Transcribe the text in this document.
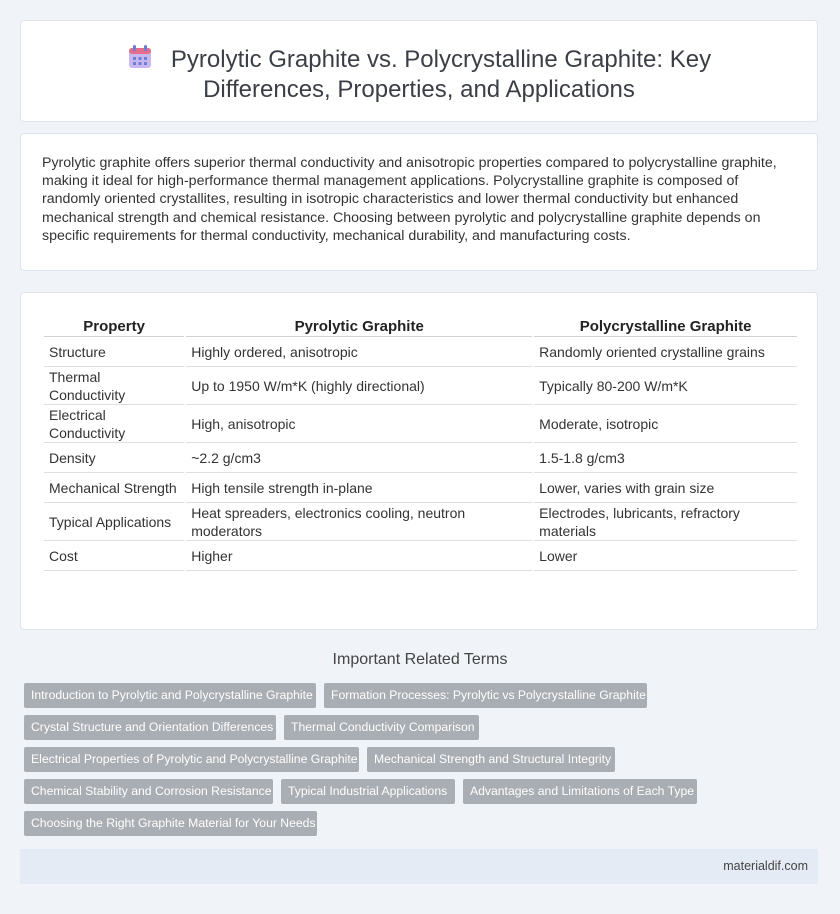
Pyrolytic Graphite vs. Polycrystalline Graphite: Key Differences, Properties, and Applications
Pyrolytic graphite offers superior thermal conductivity and anisotropic properties compared to polycrystalline graphite, making it ideal for high-performance thermal management applications. Polycrystalline graphite is composed of randomly oriented crystallites, resulting in isotropic characteristics and lower thermal conductivity but enhanced mechanical strength and chemical resistance. Choosing between pyrolytic and polycrystalline graphite depends on specific requirements for thermal conductivity, mechanical durability, and manufacturing costs.
Property	Pyrolytic Graphite	Polycrystalline Graphite
Structure	Highly ordered, anisotropic	Randomly oriented crystalline grains
Thermal Conductivity	Up to 1950 W/m*K (highly directional)	Typically 80-200 W/m*K
Electrical Conductivity	High, anisotropic	Moderate, isotropic
Density	~2.2 g/cm3	1.5-1.8 g/cm3
Mechanical Strength	High tensile strength in-plane	Lower, varies with grain size
Typical Applications	Heat spreaders, electronics cooling, neutron moderators	Electrodes, lubricants, refractory materials
Cost	Higher	Lower
Important Related Terms
Introduction to Pyrolytic and Polycrystalline Graphite	Formation Processes: Pyrolytic vs Polycrystalline Graphite
Crystal Structure and Orientation Differences	Thermal Conductivity Comparison
Electrical Properties of Pyrolytic and Polycrystalline Graphite	Mechanical Strength and Structural Integrity
Chemical Stability and Corrosion Resistance	Typical Industrial Applications	Advantages and Limitations of Each Type
Choosing the Right Graphite Material for Your Needs
materialdif.com
